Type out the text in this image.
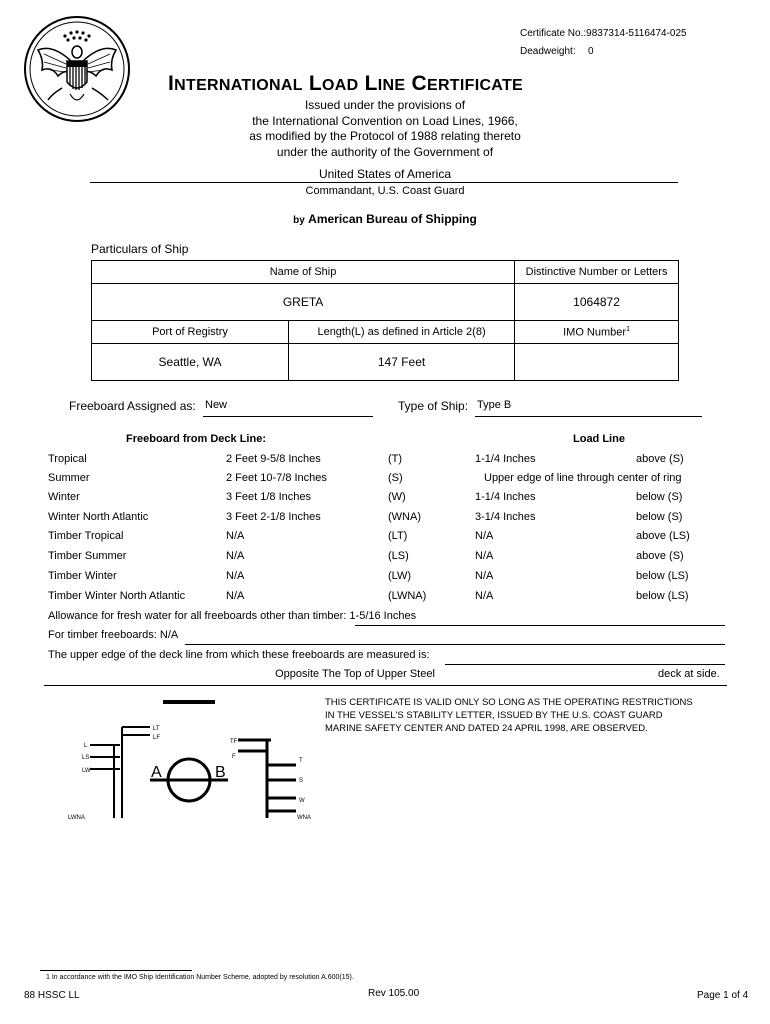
Certificate No.:9837314-5116474-025
Deadweight: 0
INTERNATIONAL LOAD LINE CERTIFICATE
Issued under the provisions of
the International Convention on Load Lines, 1966,
as modified by the Protocol of 1988 relating thereto
under the authority of the Government of
United States of America
Commandant, U.S. Coast Guard
by American Bureau of Shipping
Particulars of Ship
Name of Ship		Distinctive Number or Letters
GRETA		1064872
Port of Registry	Length(L) as defined in Article 2(8)	IMO Number$^1$
Seattle, WA	147 Feet	
Freeboard Assigned as: New	Type of Ship: Type B
Freeboard from Deck Line:	Load Line
Tropical	2 Feet 9-5/8 Inches	(T)	1-1/4 Inches	above (S)
Summer	2 Feet 10-7/8 Inches	(S)	Upper edge of line through center of ring
Winter	3 Feet 1/8 Inches	(W)	1-1/4 Inches	below (S)
Winter North Atlantic	3 Feet 2-1/8 Inches	(WNA)	3-1/4 Inches	below (S)
Timber Tropical	N/A	(LT)	N/A	above (LS)
Timber Summer	N/A	(LS)	N/A	above (S)
Timber Winter	N/A	(LW)	N/A	below (LS)
Timber Winter North Atlantic	N/A	(LWNA)	N/A	below (LS)
Allowance for fresh water for all freeboards other than timber: 1-5/16 Inches
For timber freeboards: N/A
The upper edge of the deck line from which these freeboards are measured is:
Opposite The Top of Upper Steel	deck at side.
THIS CERTIFICATE IS VALID ONLY SO LONG AS THE OPERATING RESTRICTIONS
IN THE VESSEL'S STABILITY LETTER, ISSUED BY THE U.S. COAST GUARD
MARINE SAFETY CENTER AND DATED 24 APRIL 1998, ARE OBSERVED.
LT
LF
L
LS
LW
LWNA
TF
F
T
S
W
WNA
A	B
1 In accordance with the IMO Ship Identification Number Scheme, adopted by resolution A.600(15).
88 HSSC LL	Rev 105.00	Page 1 of 4
